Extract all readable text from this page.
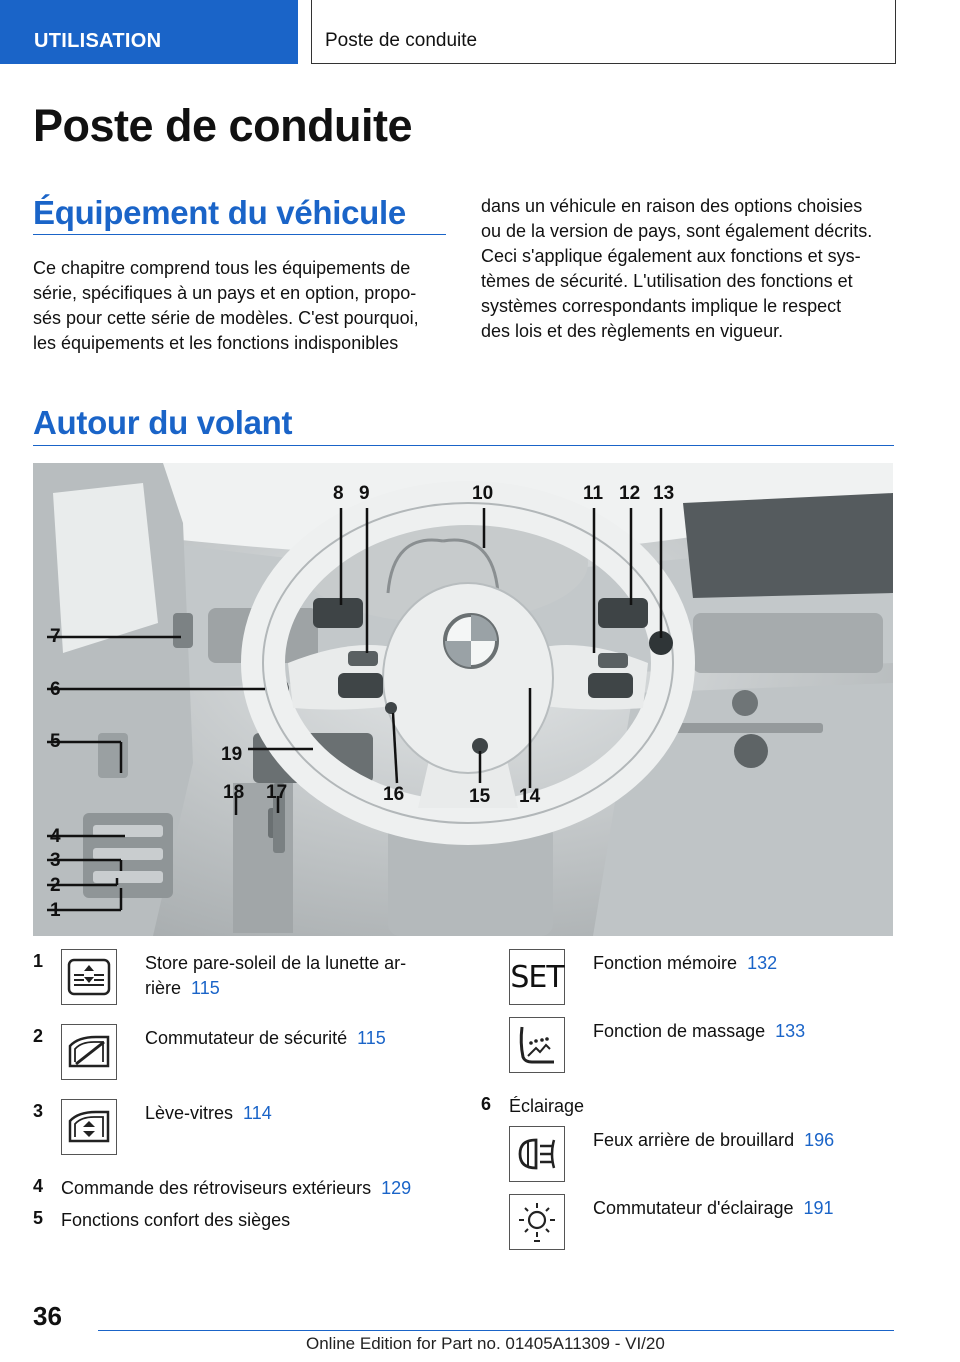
UTILISATION	Poste de conduite
Poste de conduite
Équipement du véhicule
Ce chapitre comprend tous les équipements de
série, spécifiques à un pays et en option, propo-
sés pour cette série de modèles. C'est pourquoi,
les équipements et les fonctions indisponibles
dans un véhicule en raison des options choisies
ou de la version de pays, sont également décrits.
Ceci s'applique également aux fonctions et sys-
tèmes de sécurité. L'utilisation des fonctions et
systèmes correspondants implique le respect
des lois et des règlements en vigueur.
Autour du volant
7
6
5
4
3
2
1
8 9	10	11 12 13
14
15
16
17
18
19
1	Store pare-soleil de la lunette ar-
rière 115
2	Commutateur de sécurité 115
3	Lève-vitres 114
4 Commande des rétroviseurs extérieurs 129
5 Fonctions confort des sièges
SET Fonction mémoire 132
Fonction de massage 133
6 Éclairage
Feux arrière de brouillard 196
Commutateur d'éclairage 191
36
Online Edition for Part no. 01405A11309 - VI/20
